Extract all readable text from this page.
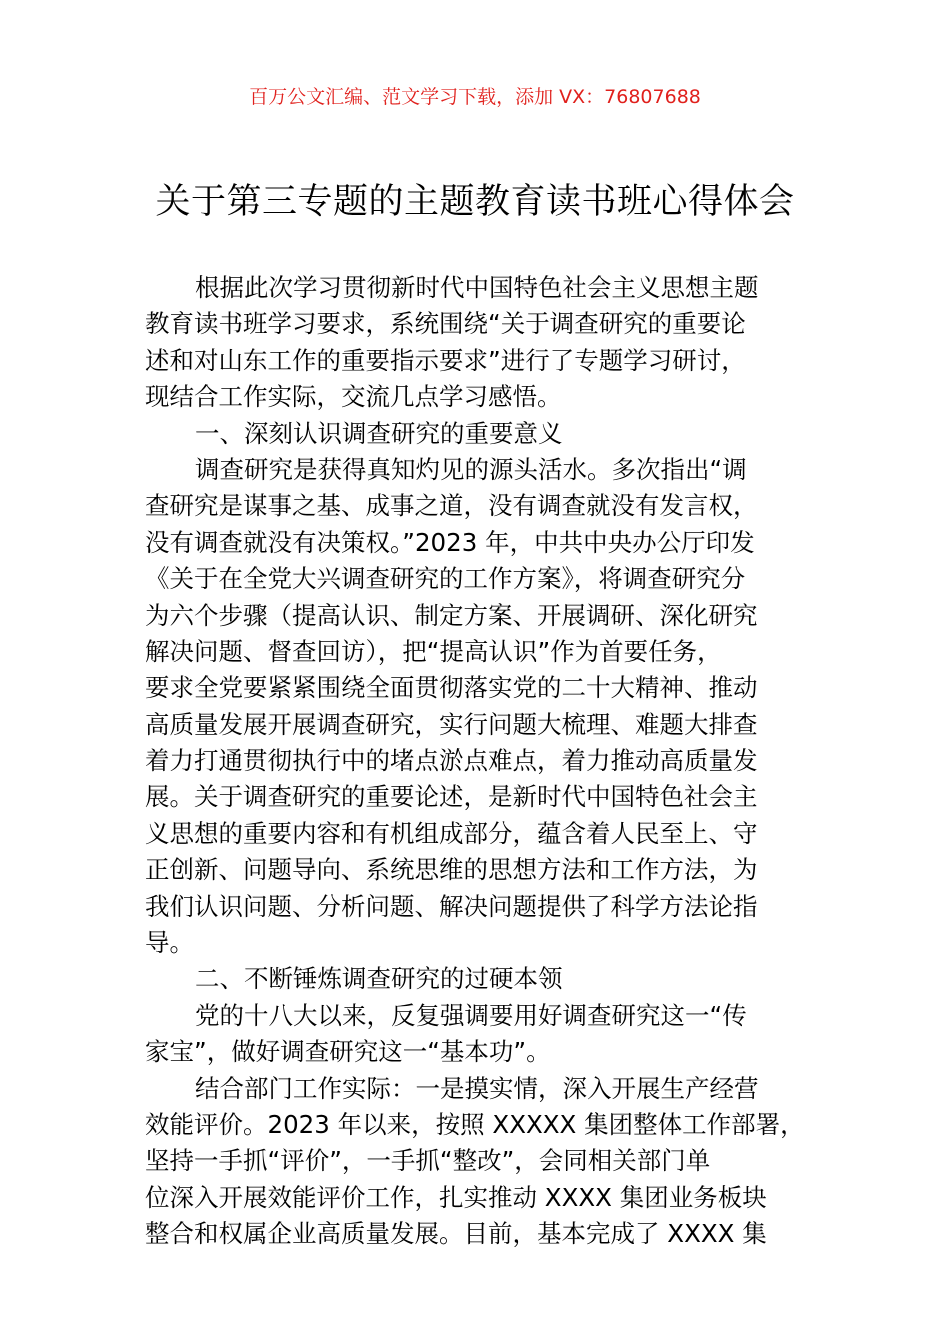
百万公文汇编、范文学习下载，添加 VX：76807688
关于第三专题的主题教育读书班心得体会
根据此次学习贯彻新时代中国特色社会主义思想主题
教育读书班学习要求，系统围绕“关于调查研究的重要论
述和对山东工作的重要指示要求”进行了专题学习研讨，
现结合工作实际，交流几点学习感悟。
一、深刻认识调查研究的重要意义
调查研究是获得真知灼见的源头活水。多次指出“调
查研究是谋事之基、成事之道，没有调查就没有发言权，
没有调查就没有决策权。”2023 年，中共中央办公厅印发
《关于在全党大兴调查研究的工作方案》，将调查研究分
为六个步骤（提高认识、制定方案、开展调研、深化研究
解决问题、督查回访），把“提高认识”作为首要任务，
要求全党要紧紧围绕全面贯彻落实党的二十大精神、推动
高质量发展开展调查研究，实行问题大梳理、难题大排查
着力打通贯彻执行中的堵点淤点难点，着力推动高质量发
展。关于调查研究的重要论述，是新时代中国特色社会主
义思想的重要内容和有机组成部分，蕴含着人民至上、守
正创新、问题导向、系统思维的思想方法和工作方法，为
我们认识问题、分析问题、解决问题提供了科学方法论指
导。
二、不断锤炼调查研究的过硬本领
党的十八大以来，反复强调要用好调查研究这一“传
家宝”，做好调查研究这一“基本功”。
结合部门工作实际：一是摸实情，深入开展生产经营
效能评价。2023 年以来，按照 XXXXX 集团整体工作部署，
坚持一手抓“评价”，一手抓“整改”，会同相关部门单
位深入开展效能评价工作，扎实推动 XXXX 集团业务板块
整合和权属企业高质量发展。目前，基本完成了 XXXX 集
